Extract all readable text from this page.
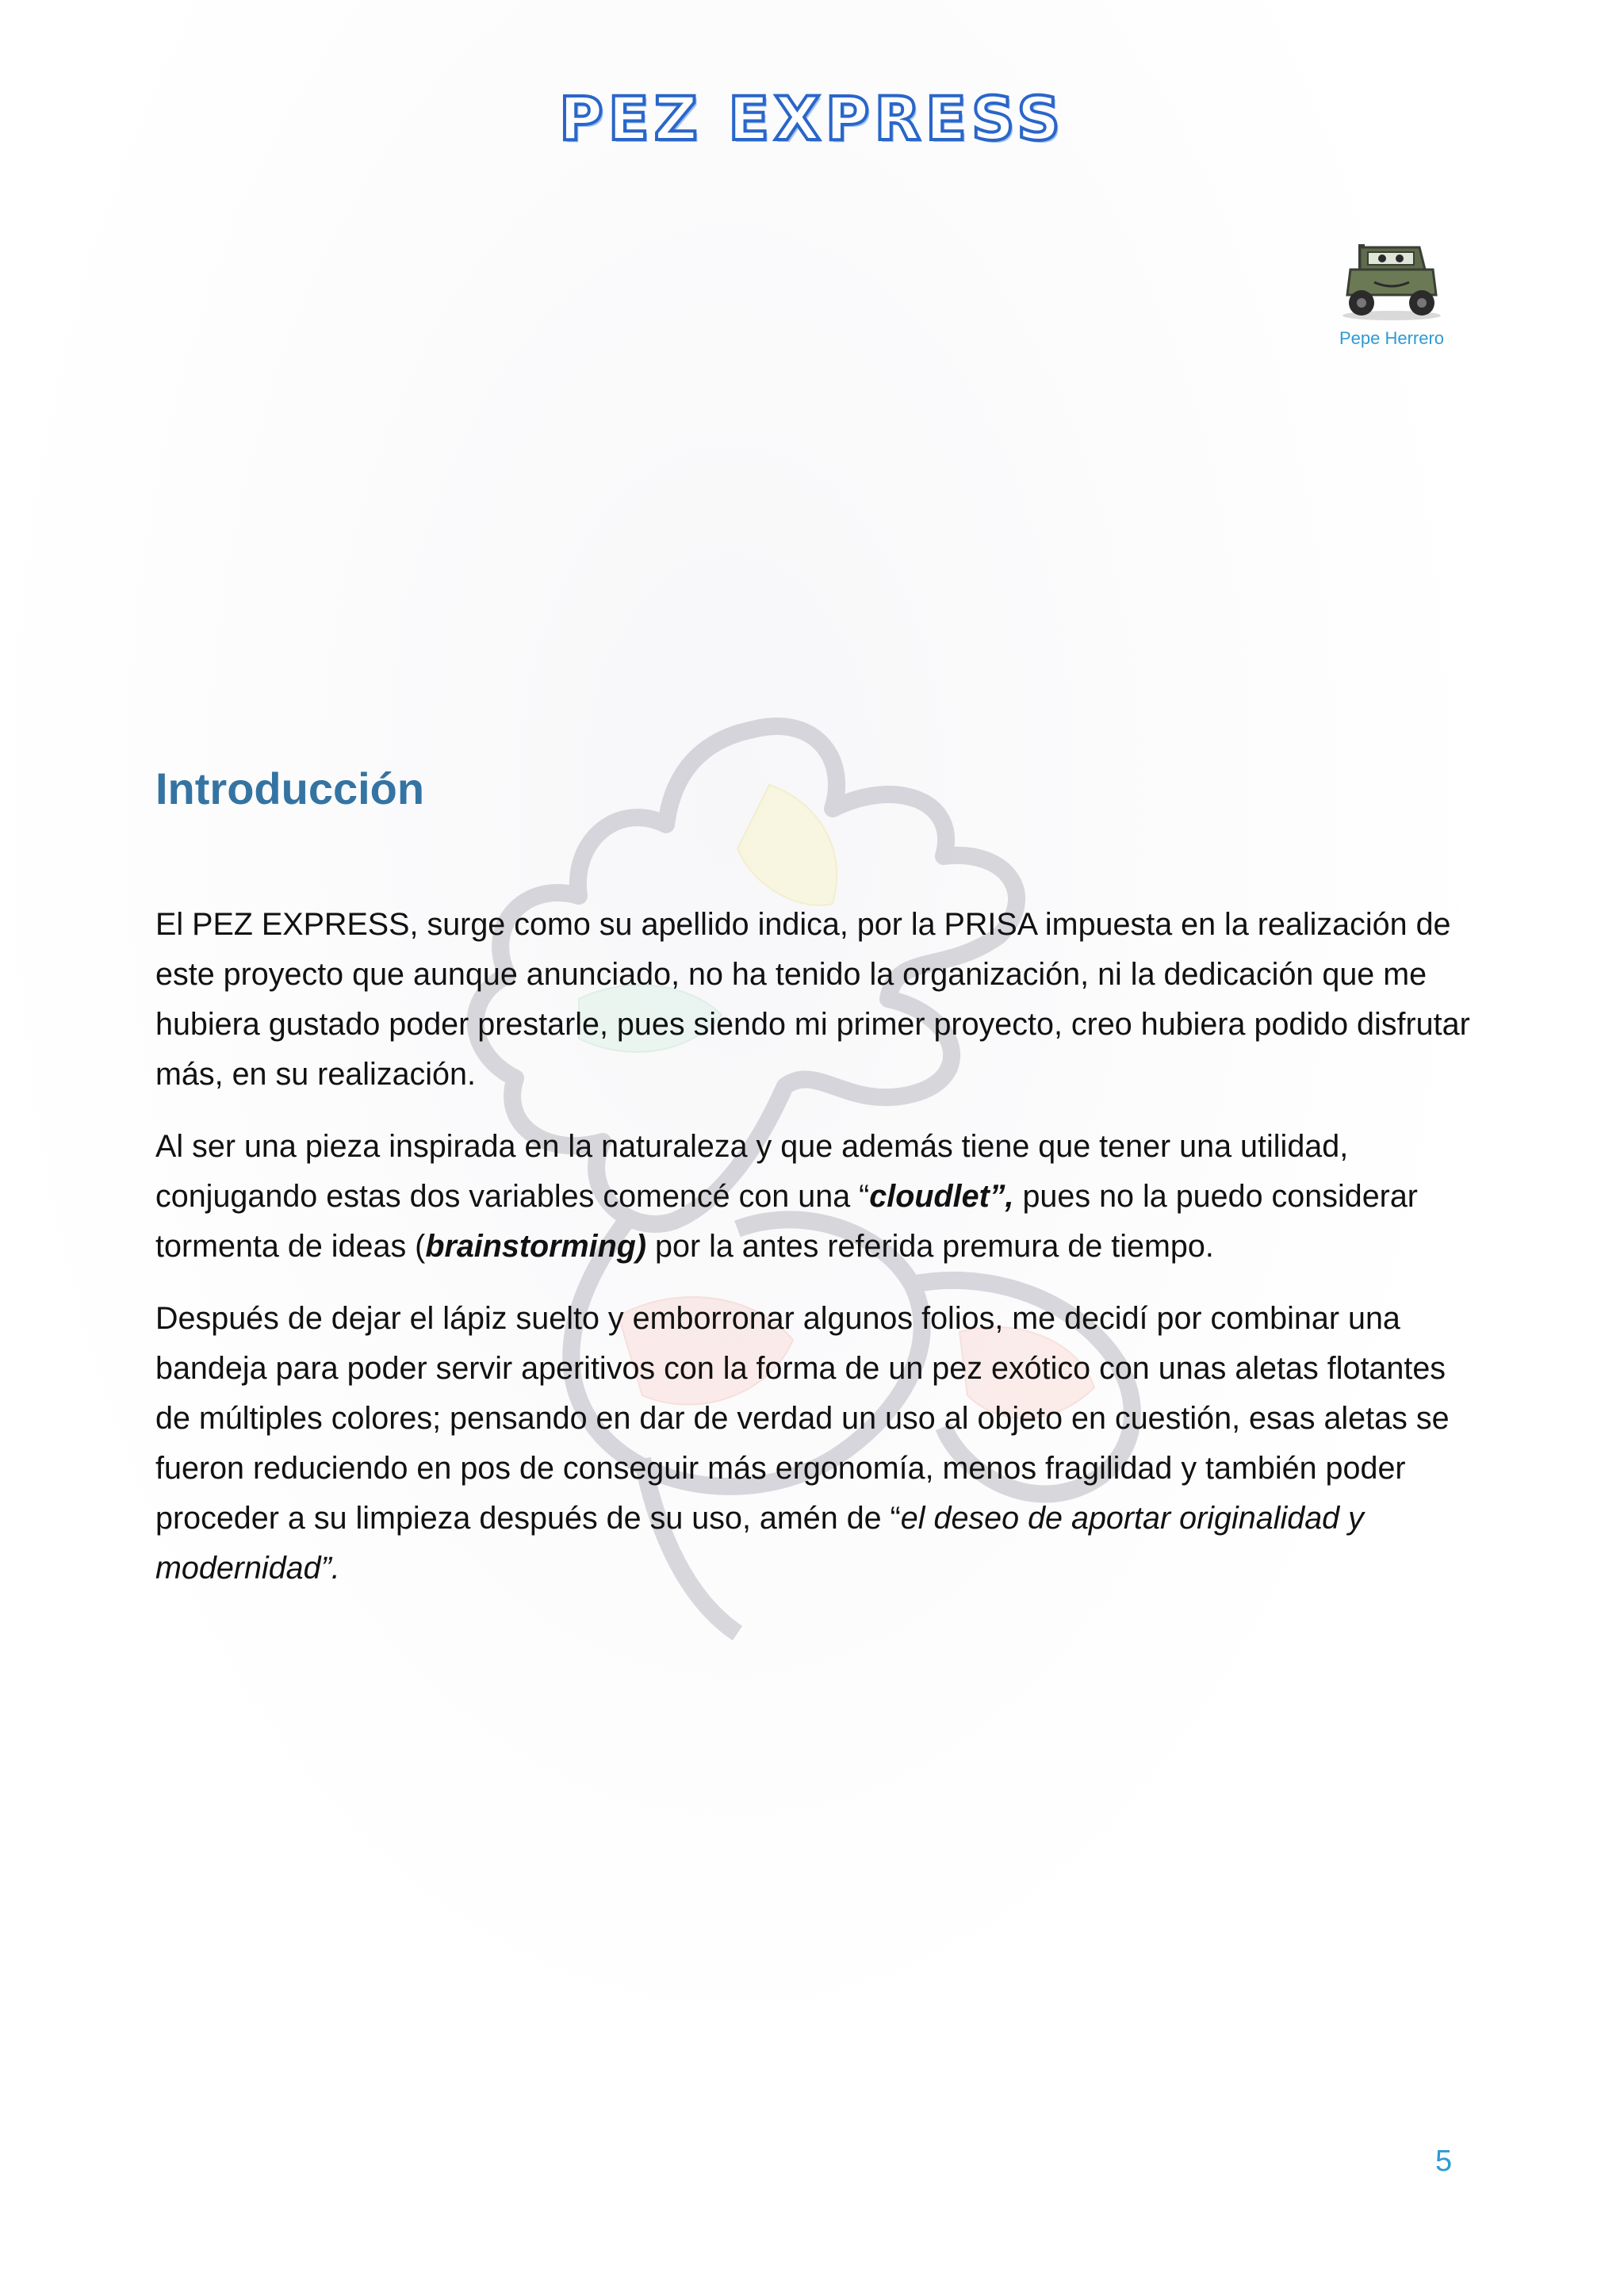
PEZ EXPRESS
Pepe Herrero
Introducción

El PEZ EXPRESS, surge como su apellido indica, por la PRISA impuesta en la realización de este proyecto que aunque anunciado, no ha tenido la organización, ni la dedicación que me hubiera gustado poder prestarle, pues siendo mi primer proyecto, creo hubiera podido disfrutar más, en su realización.

Al ser una pieza inspirada en la naturaleza y que además tiene que tener una utilidad, conjugando estas dos variables comencé con una “cloudlet”, pues no la puedo considerar tormenta de ideas (brainstorming) por la antes referida premura de tiempo.

Después de dejar el lápiz suelto y emborronar algunos folios, me decidí por combinar una bandeja para poder servir aperitivos con la forma de un pez exótico con unas aletas flotantes de múltiples colores; pensando en dar de verdad un uso al objeto en cuestión, esas aletas se fueron reduciendo en pos de conseguir más ergonomía, menos fragilidad y también poder proceder a su limpieza después de su uso, amén de “el deseo de aportar originalidad y modernidad”.

5
